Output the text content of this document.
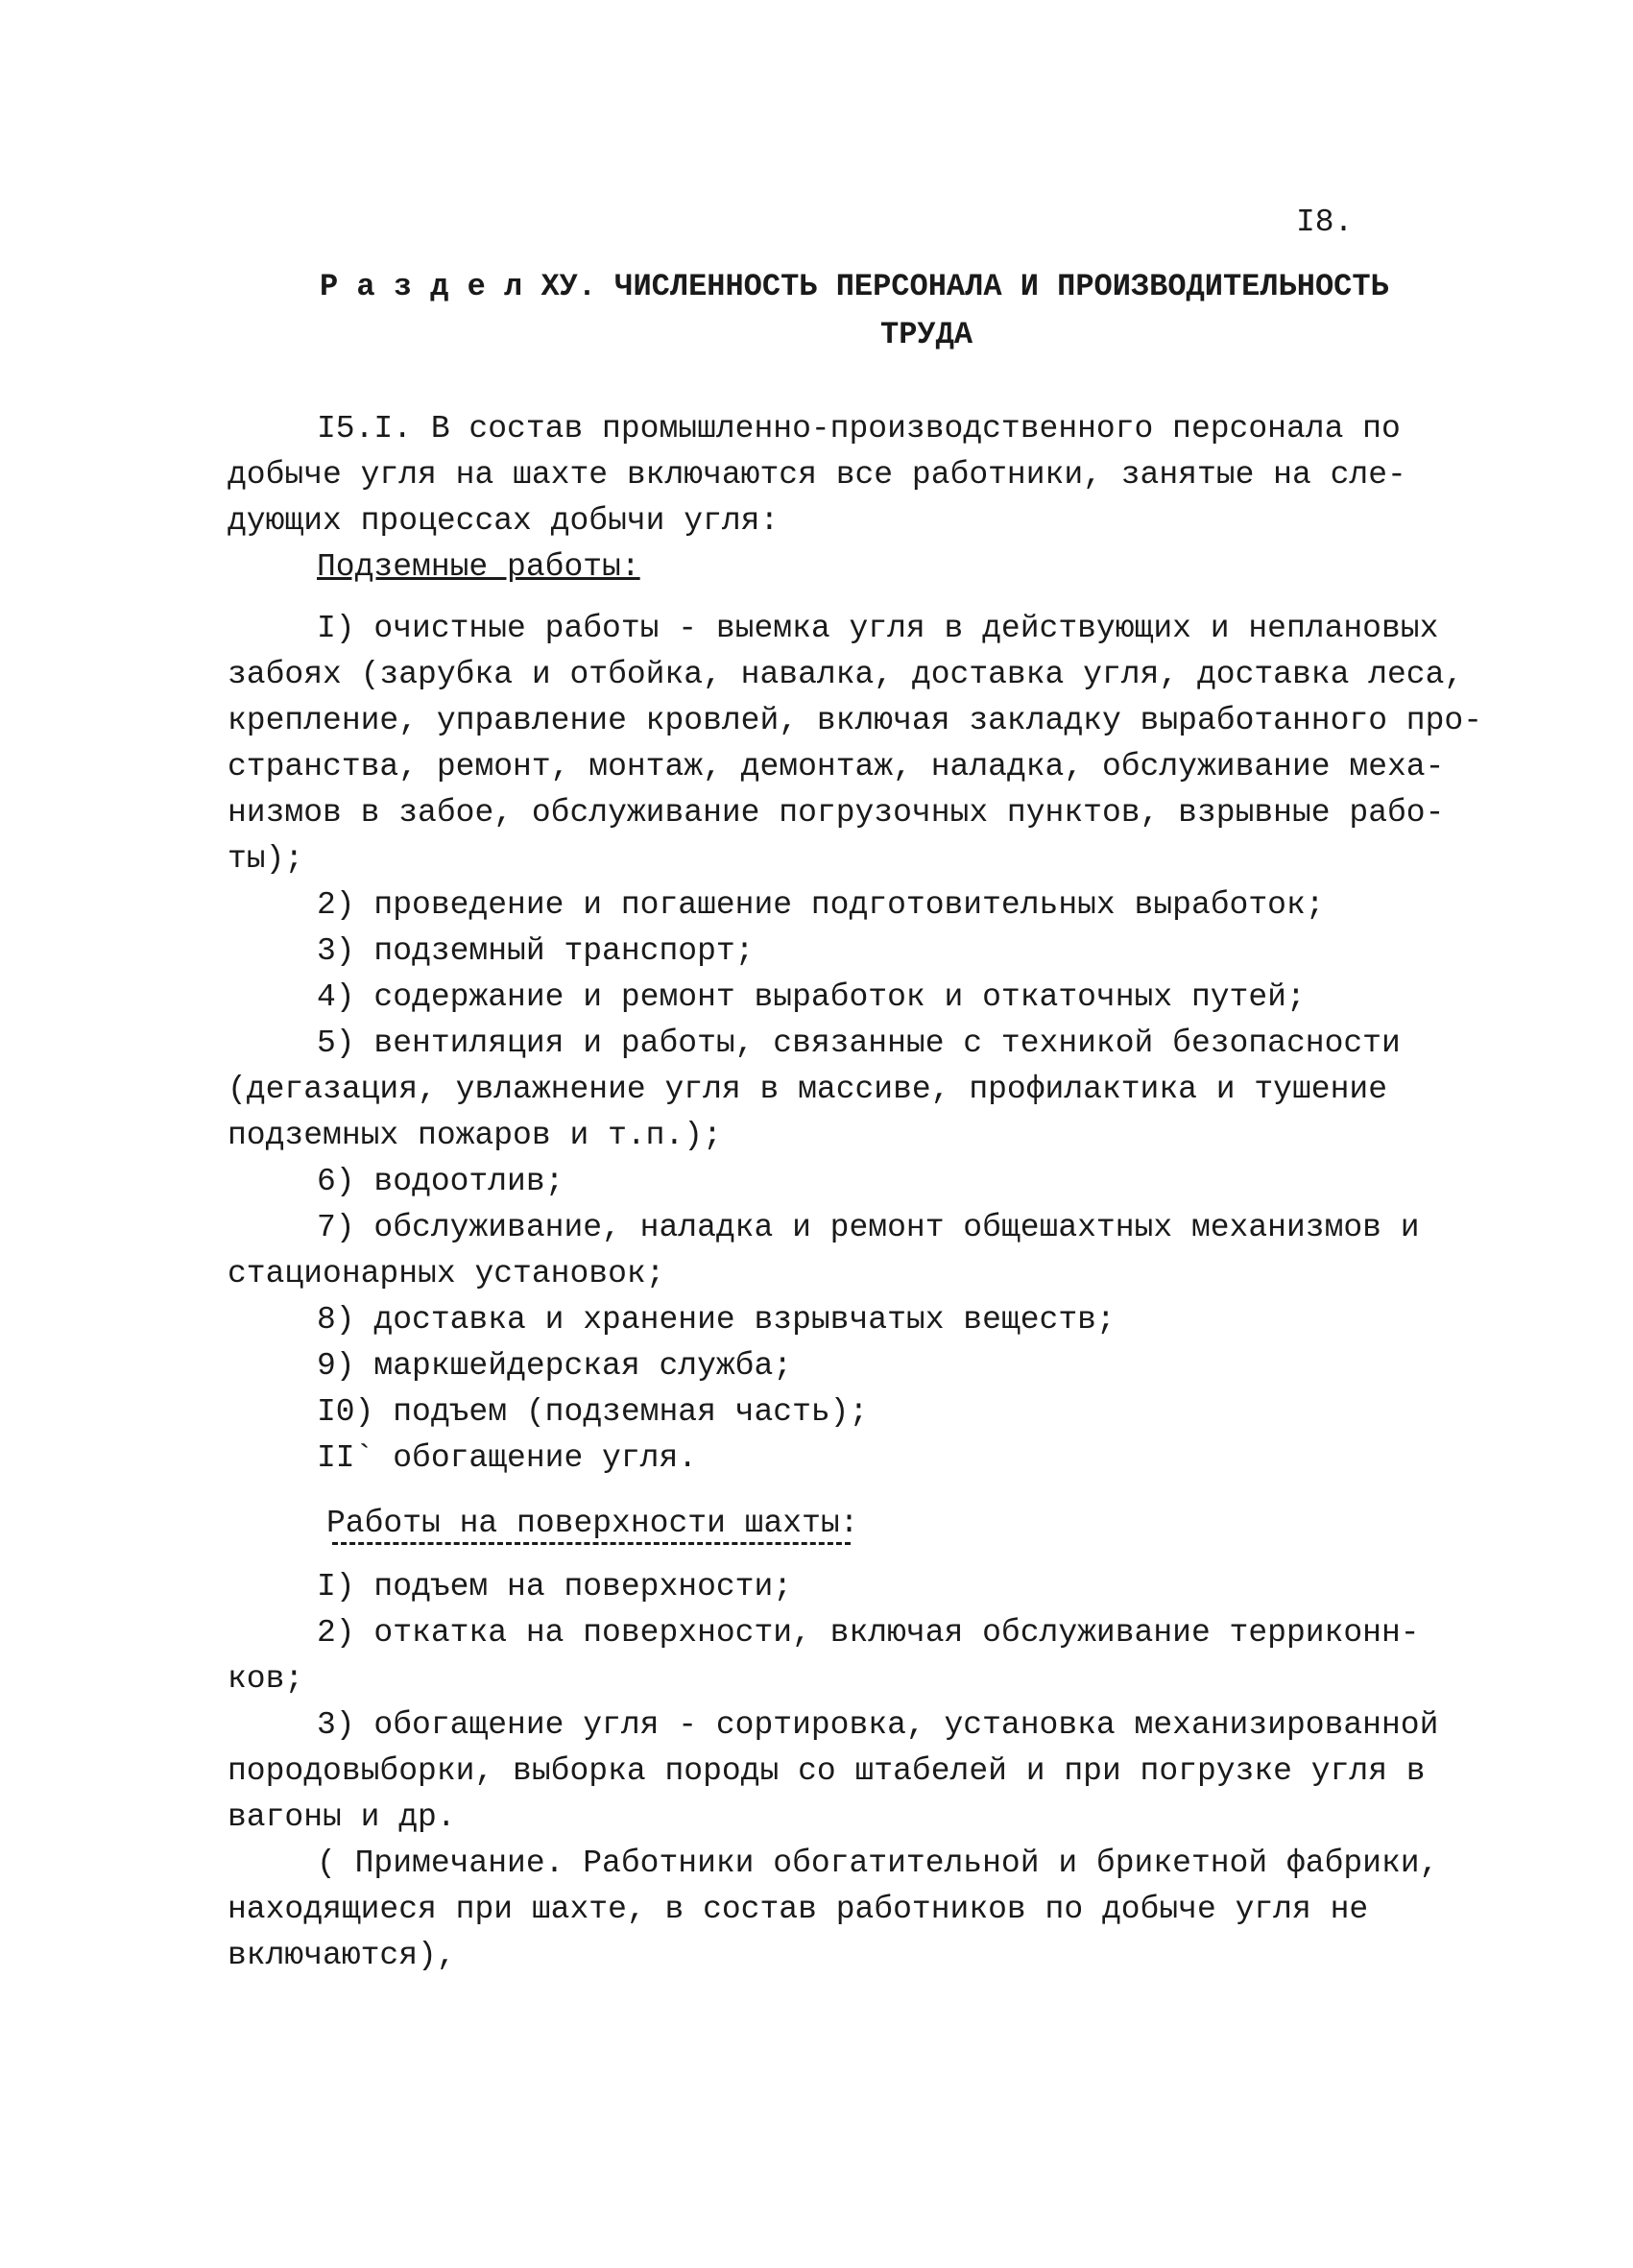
I8.
Р а з д е л ХУ. ЧИСЛЕННОСТЬ ПЕРСОНАЛА И ПРОИЗВОДИТЕЛЬНОСТЬ
ТРУДА
I5.I. В состав промышленно-производственного персонала по
добыче угля на шахте включаются все работники, занятые на сле-
дующих процессах добычи угля:
Подземные работы:
I) очистные работы - выемка угля в действующих и неплановых
забоях (зарубка и отбойка, навалка, доставка угля, доставка леса,
крепление, управление кровлей, включая закладку выработанного про-
странства, ремонт, монтаж, демонтаж, наладка, обслуживание меха-
низмов в забое, обслуживание погрузочных пунктов, взрывные рабо-
ты);
2) проведение и погашение подготовительных выработок;
3) подземный транспорт;
4) содержание и ремонт выработок и откаточных путей;
5) вентиляция и работы, связанные с техникой безопасности
(дегазация, увлажнение угля в массиве, профилактика и тушение
подземных пожаров и т.п.);
6) водоотлив;
7) обслуживание, наладка и ремонт общешахтных механизмов и
стационарных установок;
8) доставка и хранение взрывчатых веществ;
9) маркшейдерская служба;
I0) подъем (подземная часть);
II` обогащение угля.
Работы на поверхности шахты:
I) подъем на поверхности;
2) откатка на поверхности, включая обслуживание терриконн-
ков;
3) обогащение угля - сортировка, установка механизированной
породовыборки, выборка породы со штабелей и при погрузке угля в
вагоны и др.
( Примечание. Работники обогатительной и брикетной фабрики,
находящиеся при шахте, в состав работников по добыче угля не
включаются),
